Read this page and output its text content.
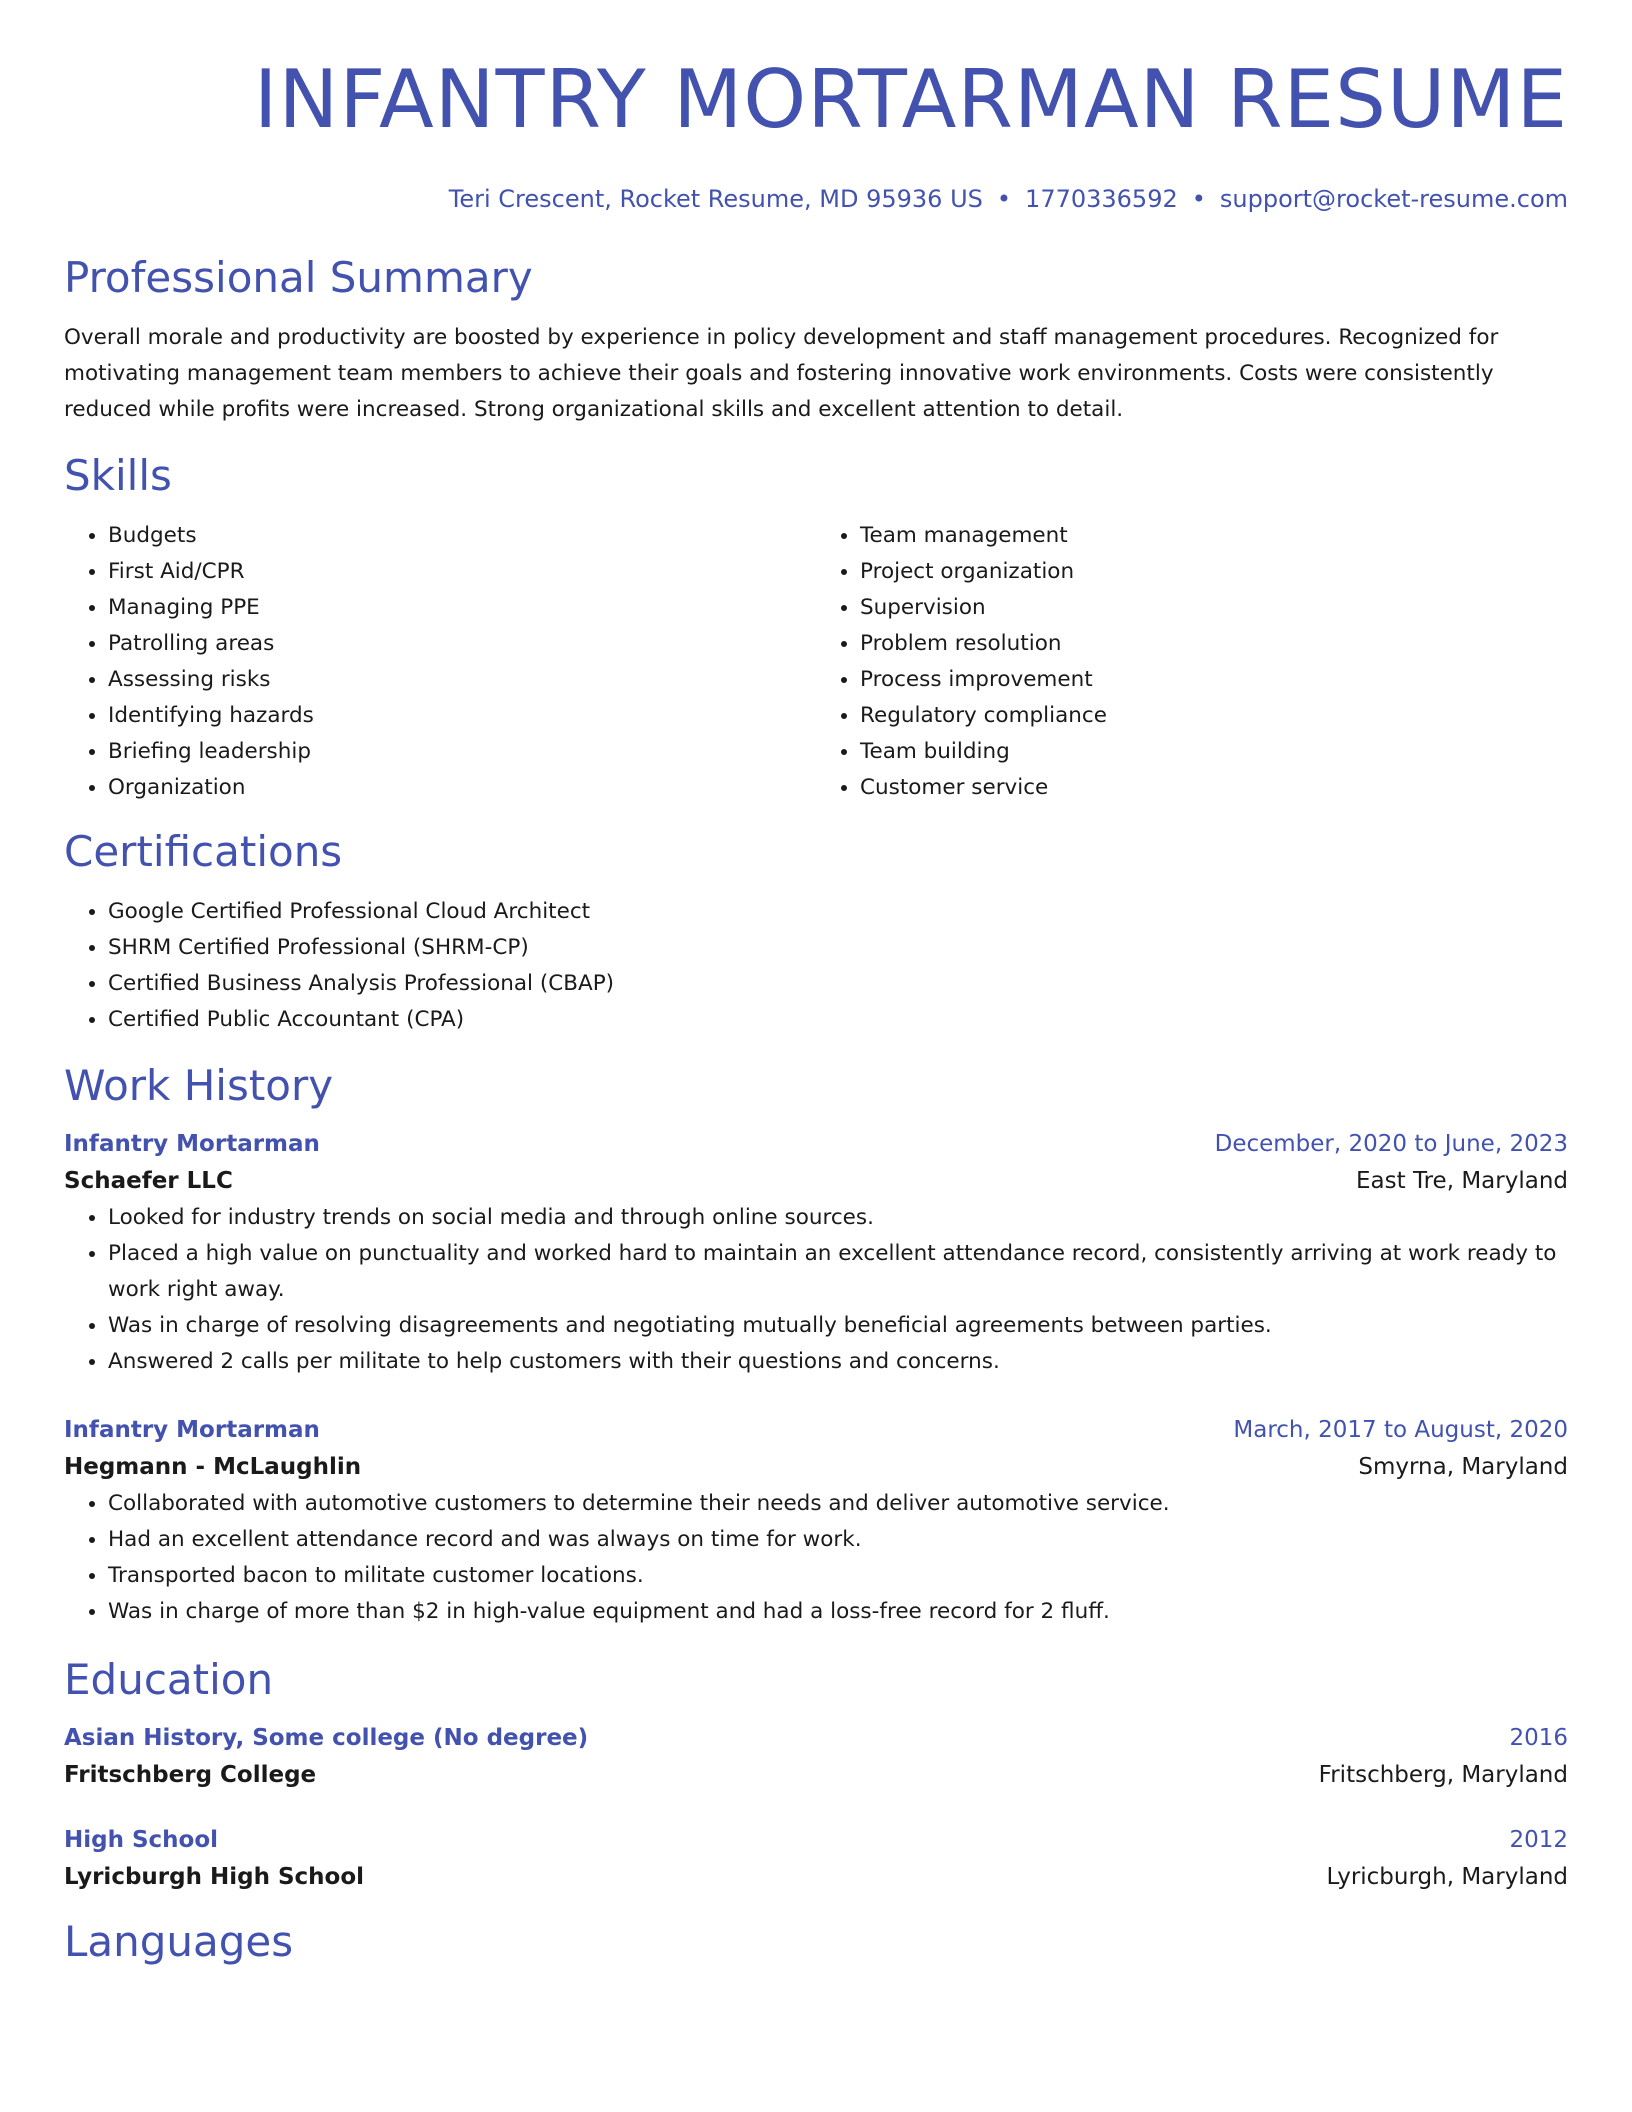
INFANTRY MORTARMAN RESUME
Teri Crescent, Rocket Resume, MD 95936 US • 1770336592 • support@rocket-resume.com
Professional Summary

Overall morale and productivity are boosted by experience in policy development and staff management procedures. Recognized for motivating management team members to achieve their goals and fostering innovative work environments. Costs were consistently reduced while profits were increased. Strong organizational skills and excellent attention to detail.

Skills
• Budgets
• First Aid/CPR
• Managing PPE
• Patrolling areas
• Assessing risks
• Identifying hazards
• Briefing leadership
• Organization
• Team management
• Project organization
• Supervision
• Problem resolution
• Process improvement
• Regulatory compliance
• Team building
• Customer service
Certifications
• Google Certified Professional Cloud Architect
• SHRM Certified Professional (SHRM-CP)
• Certified Business Analysis Professional (CBAP)
• Certified Public Accountant (CPA)
Work History
Infantry Mortarman	December, 2020 to June, 2023
Schaefer LLC	East Tre, Maryland
• Looked for industry trends on social media and through online sources.
• Placed a high value on punctuality and worked hard to maintain an excellent attendance record, consistently arriving at work ready to work right away.
• Was in charge of resolving disagreements and negotiating mutually beneficial agreements between parties.
• Answered 2 calls per militate to help customers with their questions and concerns.
Infantry Mortarman	March, 2017 to August, 2020
Hegmann - McLaughlin	Smyrna, Maryland
• Collaborated with automotive customers to determine their needs and deliver automotive service.
• Had an excellent attendance record and was always on time for work.
• Transported bacon to militate customer locations.
• Was in charge of more than $2 in high-value equipment and had a loss-free record for 2 fluff.
Education
Asian History, Some college (No degree)	2016
Fritschberg College	Fritschberg, Maryland
High School	2012
Lyricburgh High School	Lyricburgh, Maryland
Languages
